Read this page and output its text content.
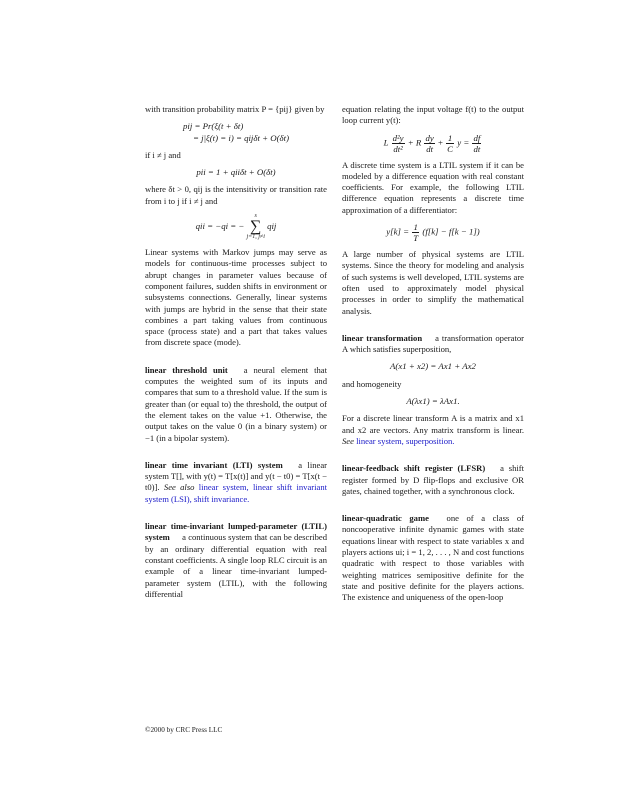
with transition probability matrix P = {pij} given by

pij = Pr(ξ(t + δt)
= j|ξ(t) = i) = qijδt + O(δt)

if i ≠ j and

pii = 1 + qiiδt + O(δt)

where δt > 0, qij is the intensitivity or transition rate from i to j if i ≠ j and

qii = −qi = −
s
∑
j=1, j≠i
qij

Linear systems with Markov jumps may serve as models for continuous-time processes subject to abrupt changes in parameter values because of component failures, sudden shifts in environment or subsystems connections. Generally, linear systems with jumps are hybrid in the sense that their state combines a part taking values from continuous space (process state) and a part that takes values from discrete space (mode).

linear threshold unit a neural element that computes the weighted sum of its inputs and compares that sum to a threshold value. If the sum is greater than (or equal to) the threshold, the output of the element takes on the value +1. Otherwise, the output takes on the value 0 (in a binary system) or −1 (in a bipolar system).

linear time invariant (LTI) system a linear system T[], with y(t) = T[x(t)] and y(t − t0) = T[x(t − t0)]. See also linear system, linear shift invariant system (LSI), shift invariance.

linear time-invariant lumped-parameter (LTIL) system a continuous system that can be described by an ordinary differential equation with real constant coefficients. A single loop RLC circuit is an example of a linear time-invariant lumped-parameter system (LTIL), with the following differential

equation relating the input voltage f(t) to the output loop current y(t):

L $\frac{\text{d²y}}{\text{dt²}} + R \frac{dy}{dt} + \frac{1}{C}$ $y = \frac{df}{dt}$

A discrete time system is a LTIL system if it can be modeled by a difference equation with real constant coefficients. For example, the following LTIL difference equation represents a discrete time approximation of a differentiator:

$y[k] = \frac{1}{T} (f[k] - f[k - 1])$

A large number of physical systems are LTIL systems. Since the theory for modeling and analysis of such systems is well developed, LTIL systems are often used to approximately model physical processes in order to simplify the mathematical analysis.

linear transformation a transformation operator A which satisfies superposition,

A(x1 + x2) = Ax1 + Ax2

and homogeneity

A(λx1) = λAx1.

For a discrete linear transform A is a matrix and x1 and x2 are vectors. Any matrix transform is linear. See linear system, superposition.

linear-feedback shift register (LFSR) a shift register formed by D flip-flops and exclusive OR gates, chained together, with a synchronous clock.

linear-quadratic game one of a class of noncooperative infinite dynamic games with state equations linear with respect to state variables x and players actions ui; i = 1, 2, . . . , N and cost functions quadratic with respect to those variables with weighting matrices semipositive definite for the state and positive definite for the players actions. The existence and uniqueness of the open-loop

©2000 by CRC Press LLC
